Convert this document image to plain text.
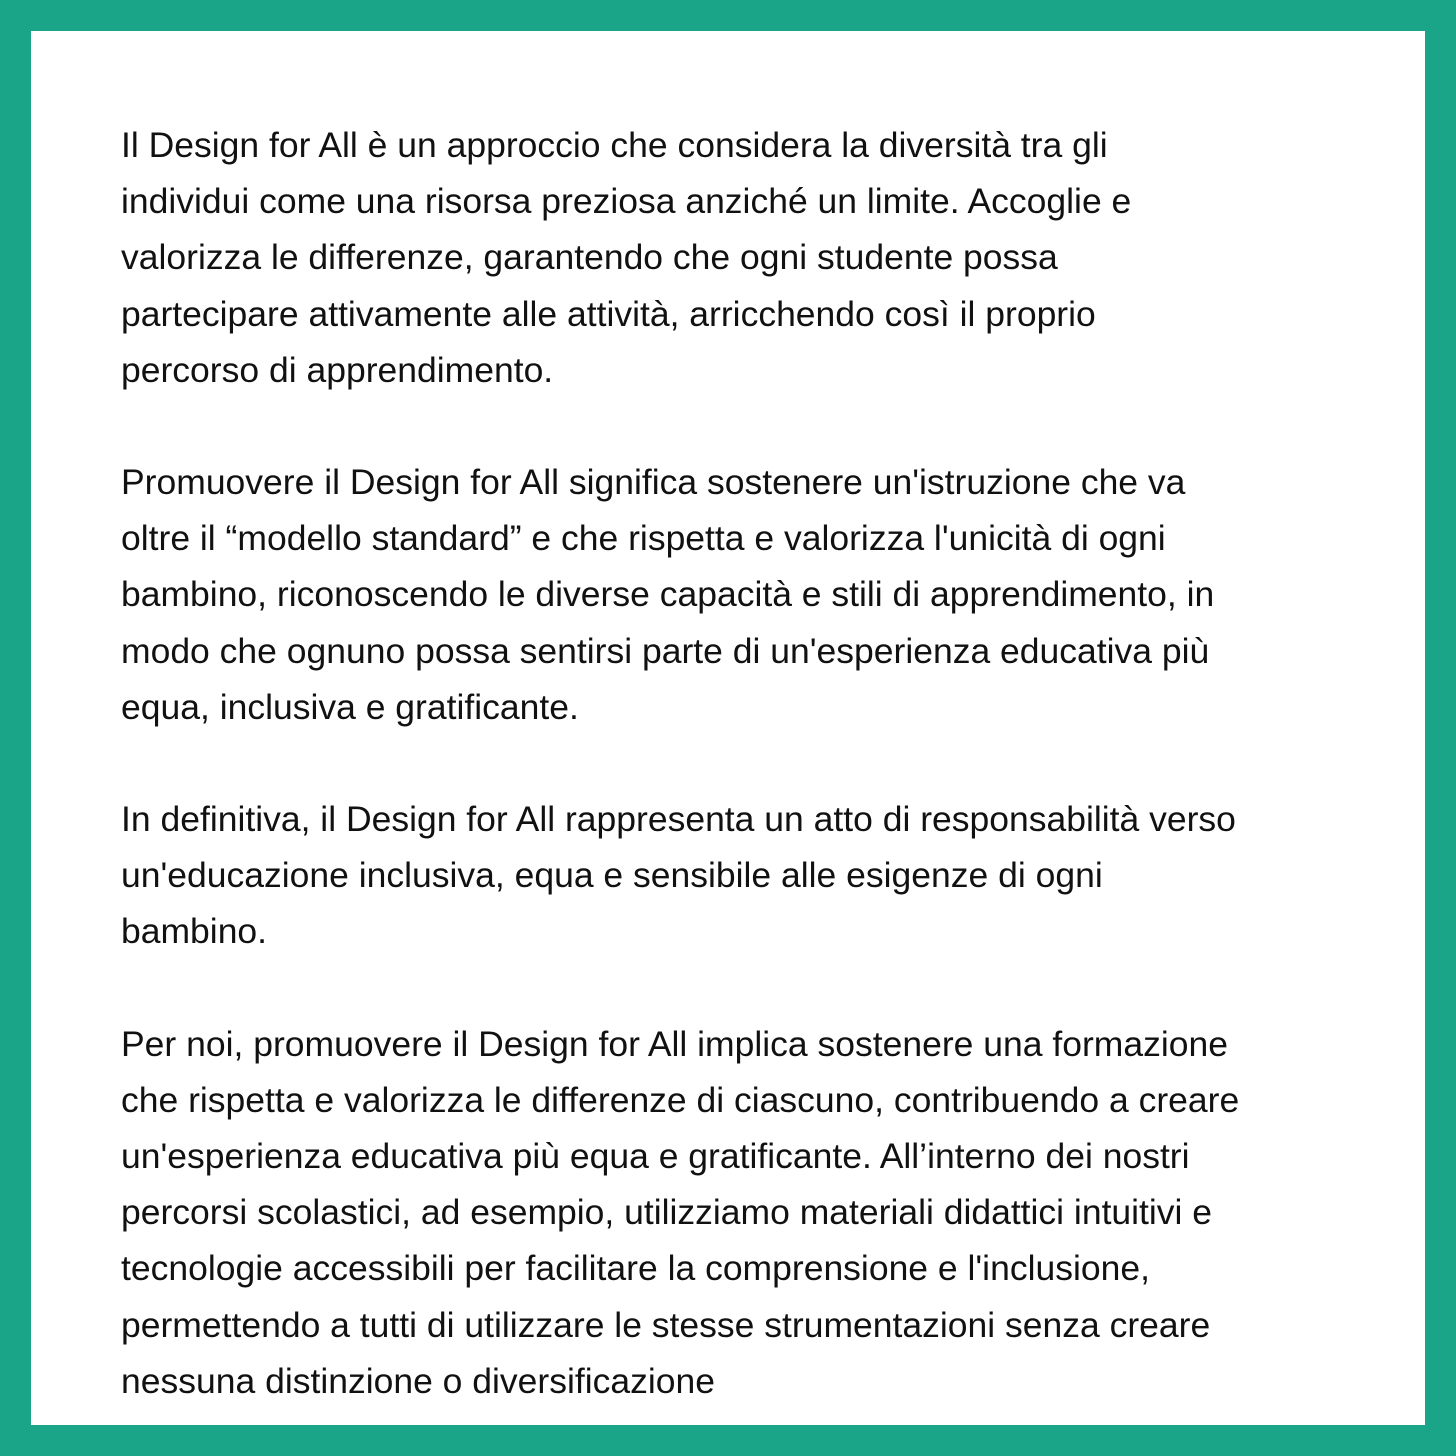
Il Design for All è un approccio che considera la diversità tra gli
individui come una risorsa preziosa anziché un limite. Accoglie e
valorizza le differenze, garantendo che ogni studente possa
partecipare attivamente alle attività, arricchendo così il proprio
percorso di apprendimento.

Promuovere il Design for All significa sostenere un'istruzione che va
oltre il “modello standard” e che rispetta e valorizza l'unicità di ogni
bambino, riconoscendo le diverse capacità e stili di apprendimento, in
modo che ognuno possa sentirsi parte di un'esperienza educativa più
equa, inclusiva e gratificante.

In definitiva, il Design for All rappresenta un atto di responsabilità verso
un'educazione inclusiva, equa e sensibile alle esigenze di ogni
bambino.

Per noi, promuovere il Design for All implica sostenere una formazione
che rispetta e valorizza le differenze di ciascuno, contribuendo a creare
un'esperienza educativa più equa e gratificante. All’interno dei nostri
percorsi scolastici, ad esempio, utilizziamo materiali didattici intuitivi e
tecnologie accessibili per facilitare la comprensione e l'inclusione,
permettendo a tutti di utilizzare le stesse strumentazioni senza creare
nessuna distinzione o diversificazione
